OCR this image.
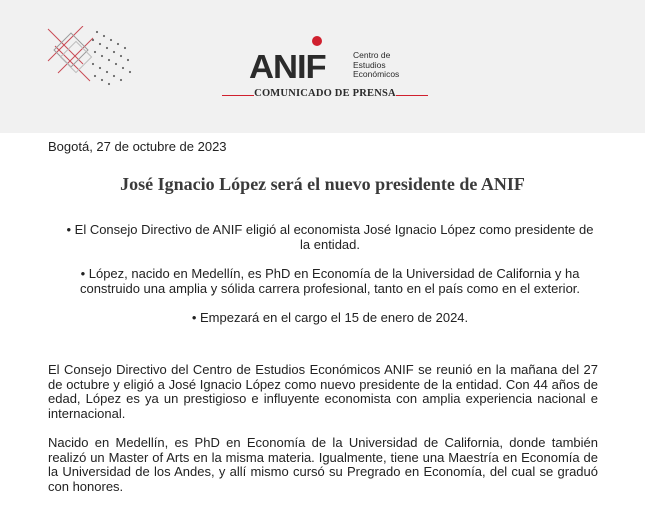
ANIF	Centro de
Estudios
Económicos
COMUNICADO DE PRENSA
Bogotá, 27 de octubre de 2023
José Ignacio López será el nuevo presidente de ANIF

• El Consejo Directivo de ANIF eligió al economista José Ignacio López como presidente de la entidad.

• López, nacido en Medellín, es PhD en Economía de la Universidad de California y ha construido una amplia y sólida carrera profesional, tanto en el país como en el exterior.

• Empezará en el cargo el 15 de enero de 2024.

El Consejo Directivo del Centro de Estudios Económicos ANIF se reunió en la mañana del 27 de octubre y eligió a José Ignacio López como nuevo presidente de la entidad. Con 44 años de edad, López es ya un prestigioso e influyente economista con amplia experiencia nacional e internacional.

Nacido en Medellín, es PhD en Economía de la Universidad de California, donde también realizó un Master of Arts en la misma materia. Igualmente, tiene una Maestría en Economía de la Universidad de los Andes, y allí mismo cursó su Pregrado en Economía, del cual se graduó con honores.
